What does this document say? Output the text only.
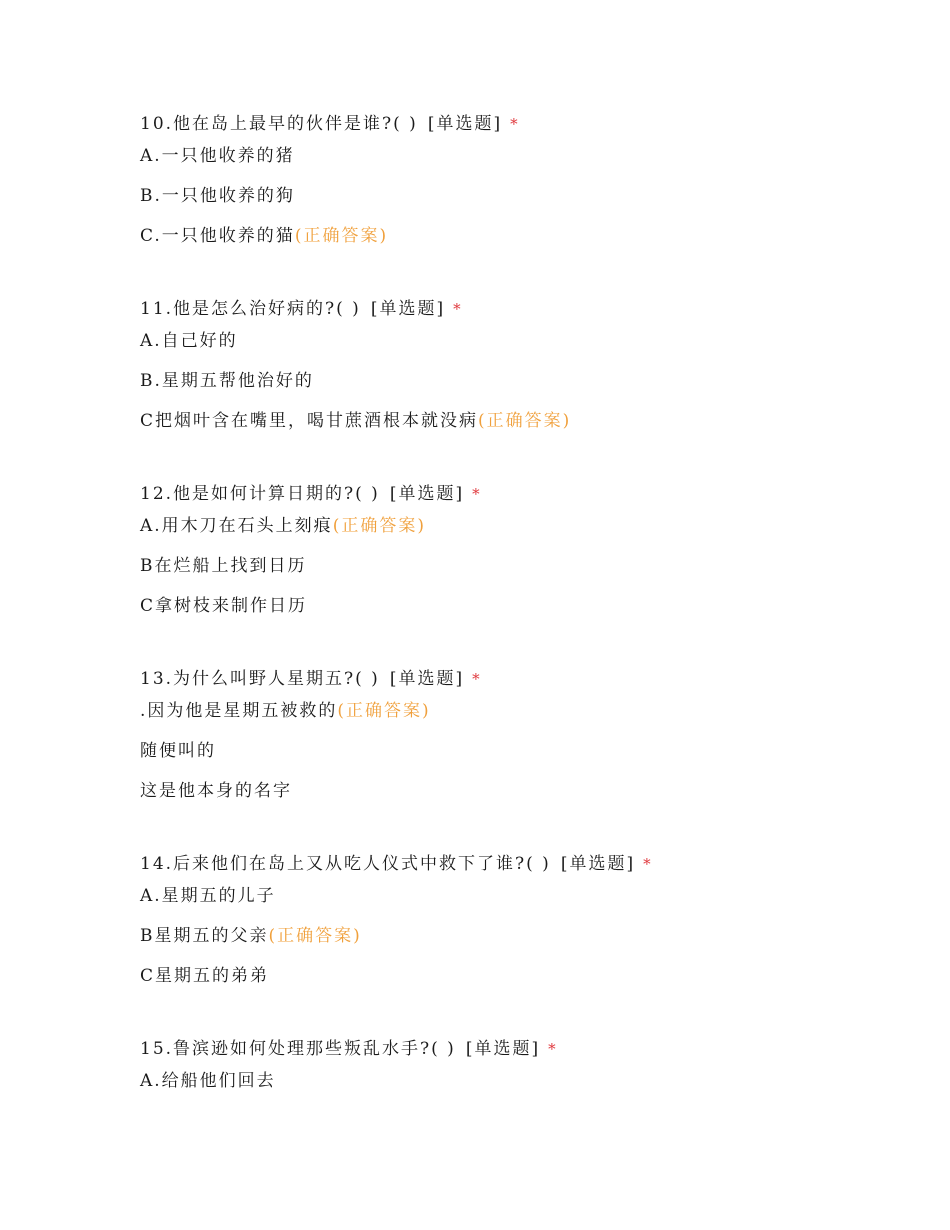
10.他在岛上最早的伙伴是谁?( ) [单选题] *
A.一只他收养的猪
B.一只他收养的狗
C.一只他收养的猫(正确答案)
11.他是怎么治好病的?( ) [单选题] *
A.自己好的
B.星期五帮他治好的
C把烟叶含在嘴里，喝甘蔗酒根本就没病(正确答案)
12.他是如何计算日期的?( ) [单选题] *
A.用木刀在石头上刻痕(正确答案)
B在烂船上找到日历
C拿树枝来制作日历
13.为什么叫野人星期五?( ) [单选题] *
.因为他是星期五被救的(正确答案)
随便叫的
这是他本身的名字
14.后来他们在岛上又从吃人仪式中救下了谁?( ) [单选题] *
A.星期五的儿子
B星期五的父亲(正确答案)
C星期五的弟弟
15.鲁滨逊如何处理那些叛乱水手?( ) [单选题] *
A.给船他们回去
